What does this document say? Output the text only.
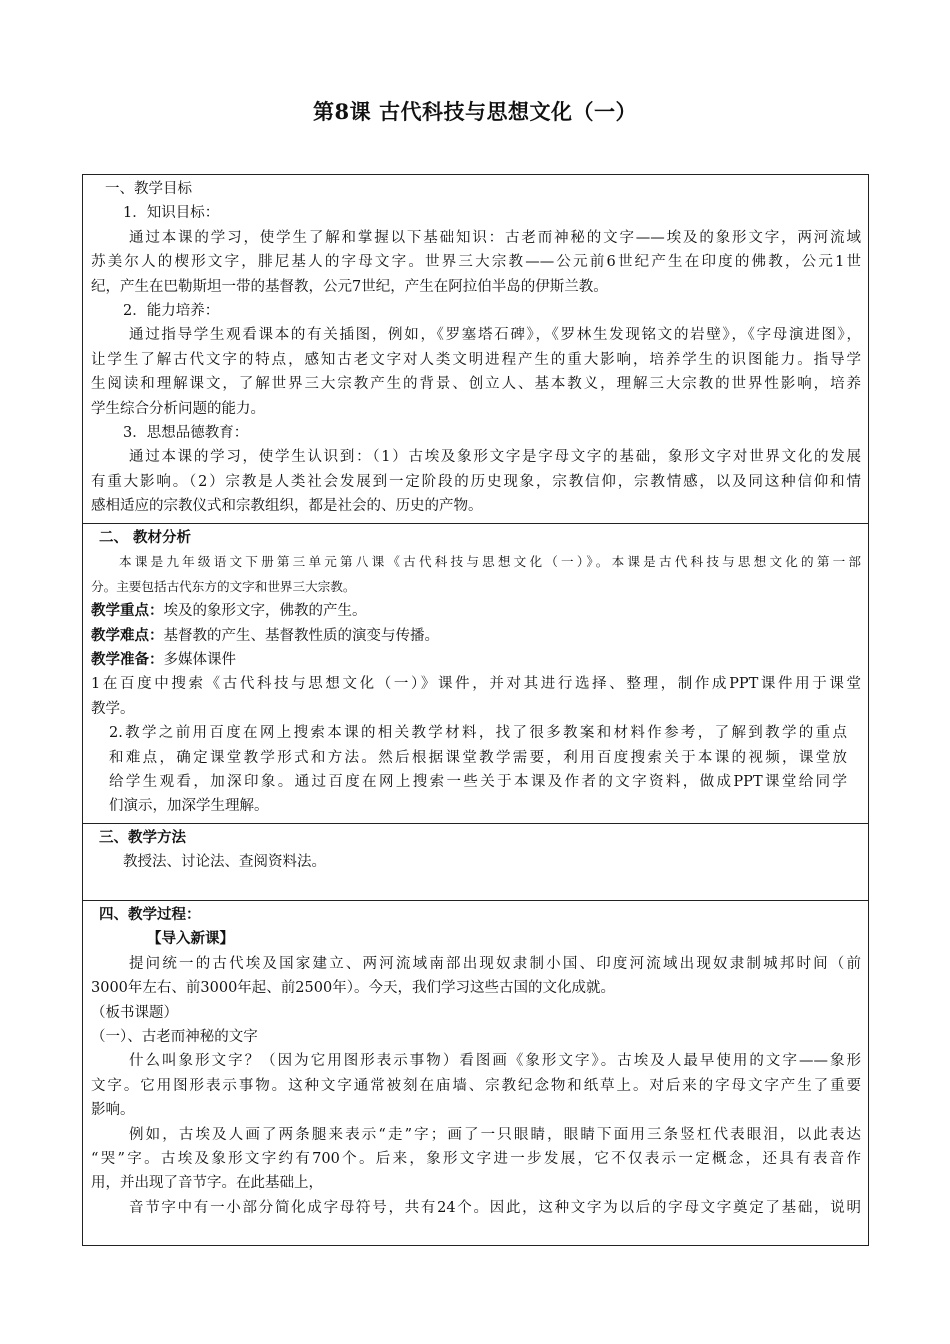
第8课 古代科技与思想文化（一）
一、教学目标
1．知识目标：
通过本课的学习，使学生了解和掌握以下基础知识：古老而神秘的文字——埃及的象形文字，两河流域
苏美尔人的楔形文字，腓尼基人的字母文字。世界三大宗教——公元前6世纪产生在印度的佛教，公元1世
纪，产生在巴勒斯坦一带的基督教，公元7世纪，产生在阿拉伯半岛的伊斯兰教。
2．能力培养：
通过指导学生观看课本的有关插图，例如，《罗塞塔石碑》，《罗林生发现铭文的岩壁》，《字母演进图》，
让学生了解古代文字的特点，感知古老文字对人类文明进程产生的重大影响，培养学生的识图能力。指导学
生阅读和理解课文，了解世界三大宗教产生的背景、创立人、基本教义，理解三大宗教的世界性影响，培养
学生综合分析问题的能力。
3．思想品德教育：
通过本课的学习，使学生认识到：（1）古埃及象形文字是字母文字的基础，象形文字对世界文化的发展
有重大影响。（2）宗教是人类社会发展到一定阶段的历史现象，宗教信仰，宗教情感，以及同这种信仰和情
感相适应的宗教仪式和宗教组织，都是社会的、历史的产物。
二、 教材分析
本课是九年级语文下册第三单元第八课《古代科技与思想文化（一）》。本课是古代科技与思想文化的第一部
分。主要包括古代东方的文字和世界三大宗教。
教学重点：埃及的象形文字，佛教的产生。
教学难点：基督教的产生、基督教性质的演变与传播。
教学准备：多媒体课件
1在百度中搜索《古代科技与思想文化（一）》课件，并对其进行选择、整理，制作成PPT课件用于课堂
教学。
2.教学之前用百度在网上搜索本课的相关教学材料，找了很多教案和材料作参考，了解到教学的重点
和难点，确定课堂教学形式和方法。然后根据课堂教学需要，利用百度搜索关于本课的视频，课堂放
给学生观看，加深印象。通过百度在网上搜索一些关于本课及作者的文字资料，做成PPT课堂给同学
们演示，加深学生理解。
三、教学方法
教授法、讨论法、查阅资料法。
四、教学过程：
【导入新课】
提问统一的古代埃及国家建立、两河流域南部出现奴隶制小国、印度河流域出现奴隶制城邦时间（前
3000年左右、前3000年起、前2500年）。今天，我们学习这些古国的文化成就。
（板书课题）
（一）、古老而神秘的文字
什么叫象形文字？（因为它用图形表示事物）看图画《象形文字》。古埃及人最早使用的文字——象形
文字。它用图形表示事物。这种文字通常被刻在庙墙、宗教纪念物和纸草上。对后来的字母文字产生了重要
影响。
例如，古埃及人画了两条腿来表示“走”字；画了一只眼睛，眼睛下面用三条竖杠代表眼泪，以此表达
“哭”字。古埃及象形文字约有700个。后来，象形文字进一步发展，它不仅表示一定概念，还具有表音作
用，并出现了音节字。在此基础上，
音节字中有一小部分简化成字母符号，共有24个。因此，这种文字为以后的字母文字奠定了基础，说明
